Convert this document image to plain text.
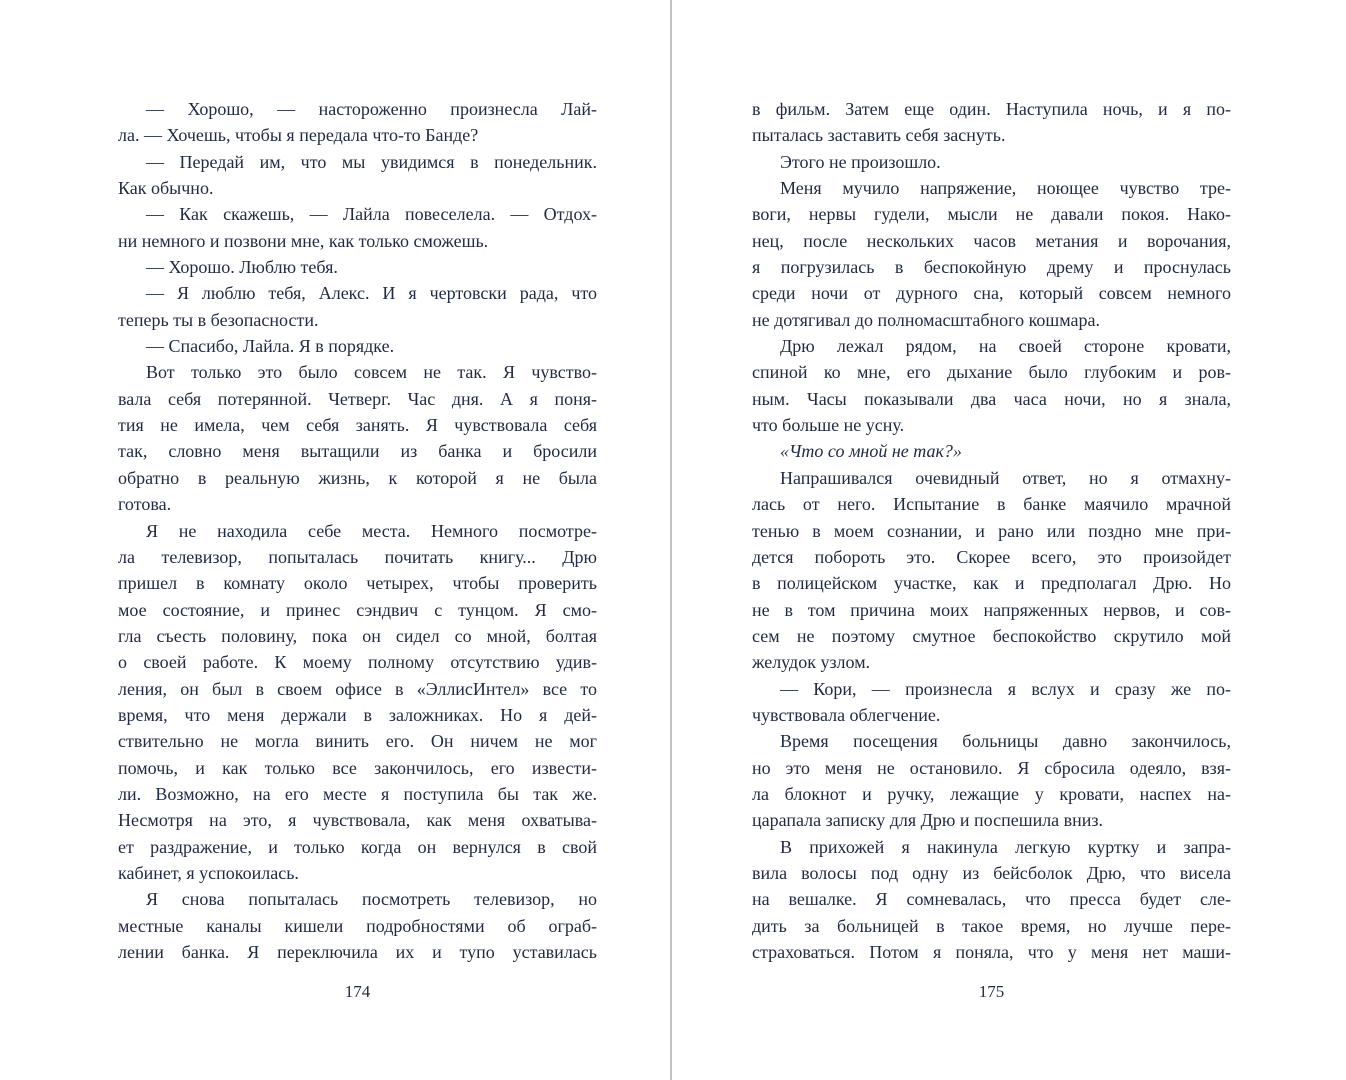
— Хорошо, — настороженно произнесла Лай-
ла. — Хочешь, чтобы я передала что-то Банде?
— Передай им, что мы увидимся в понедельник.
Как обычно.
— Как скажешь, — Лайла повеселела. — Отдох-
ни немного и позвони мне, как только сможешь.
— Хорошо. Люблю тебя.
— Я люблю тебя, Алекс. И я чертовски рада, что
теперь ты в безопасности.
— Спасибо, Лайла. Я в порядке.
Вот только это было совсем не так. Я чувство-
вала себя потерянной. Четверг. Час дня. А я поня-
тия не имела, чем себя занять. Я чувствовала себя
так, словно меня вытащили из банка и бросили
обратно в реальную жизнь, к которой я не была
готова.
Я не находила себе места. Немного посмотре-
ла телевизор, попыталась почитать книгу... Дрю
пришел в комнату около четырех, чтобы проверить
мое состояние, и принес сэндвич с тунцом. Я смо-
гла съесть половину, пока он сидел со мной, болтая
о своей работе. К моему полному отсутствию удив-
ления, он был в своем офисе в «ЭллисИнтел» все то
время, что меня держали в заложниках. Но я дей-
ствительно не могла винить его. Он ничем не мог
помочь, и как только все закончилось, его извести-
ли. Возможно, на его месте я поступила бы так же.
Несмотря на это, я чувствовала, как меня охватыва-
ет раздражение, и только когда он вернулся в свой
кабинет, я успокоилась.
Я снова попыталась посмотреть телевизор, но
местные каналы кишели подробностями об ограб-
лении банка. Я переключила их и тупо уставилась
174
в фильм. Затем еще один. Наступила ночь, и я по-
пыталась заставить себя заснуть.
Этого не произошло.
Меня мучило напряжение, ноющее чувство тре-
воги, нервы гудели, мысли не давали покоя. Нако-
нец, после нескольких часов метания и ворочания,
я погрузилась в беспокойную дрему и проснулась
среди ночи от дурного сна, который совсем немного
не дотягивал до полномасштабного кошмара.
Дрю лежал рядом, на своей стороне кровати,
спиной ко мне, его дыхание было глубоким и ров-
ным. Часы показывали два часа ночи, но я знала,
что больше не усну.
«Что со мной не так?»
Напрашивался очевидный ответ, но я отмахну-
лась от него. Испытание в банке маячило мрачной
тенью в моем сознании, и рано или поздно мне при-
дется побороть это. Скорее всего, это произойдет
в полицейском участке, как и предполагал Дрю. Но
не в том причина моих напряженных нервов, и сов-
сем не поэтому смутное беспокойство скрутило мой
желудок узлом.
— Кори, — произнесла я вслух и сразу же по-
чувствовала облегчение.
Время посещения больницы давно закончилось,
но это меня не остановило. Я сбросила одеяло, взя-
ла блокнот и ручку, лежащие у кровати, наспех на-
царапала записку для Дрю и поспешила вниз.
В прихожей я накинула легкую куртку и запра-
вила волосы под одну из бейсболок Дрю, что висела
на вешалке. Я сомневалась, что пресса будет сле-
дить за больницей в такое время, но лучше пере-
страховаться. Потом я поняла, что у меня нет маши-
175
